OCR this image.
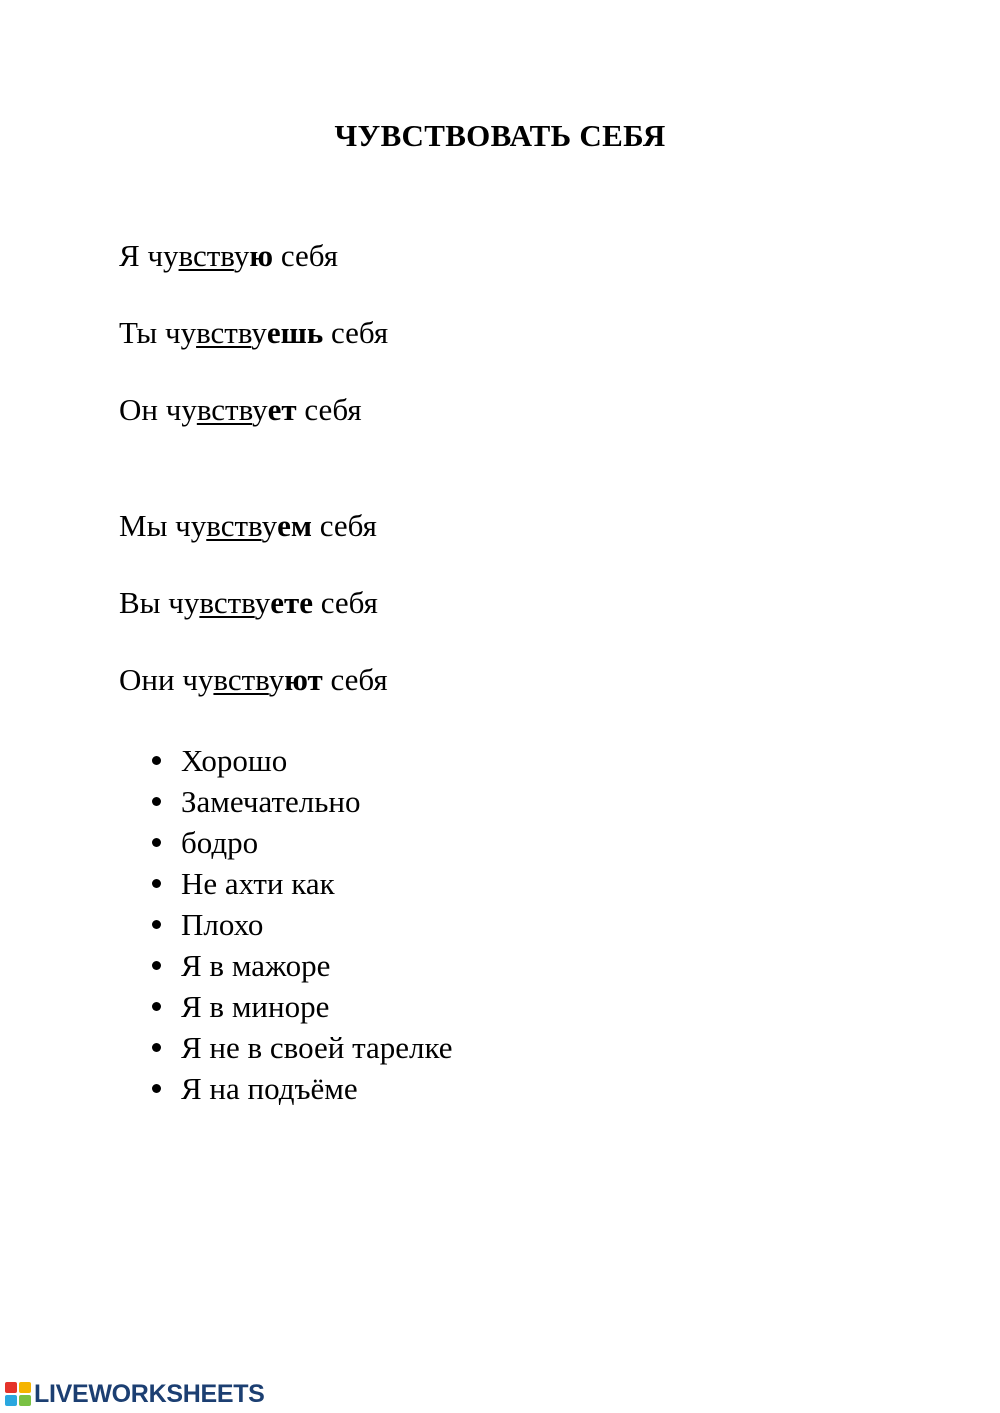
ЧУВСТВОВАТЬ СЕБЯ
Я чувствую себя
Ты чувствуешь себя
Он чувствует себя
Мы чувствуем себя
Вы чувствуете себя
Они чувствуют себя
Хорошо
Замечательно
бодро
Не ахти как
Плохо
Я в мажоре
Я в миноре
Я не в своей тарелке
Я на подъёме
LIVEWORKSHEETS
